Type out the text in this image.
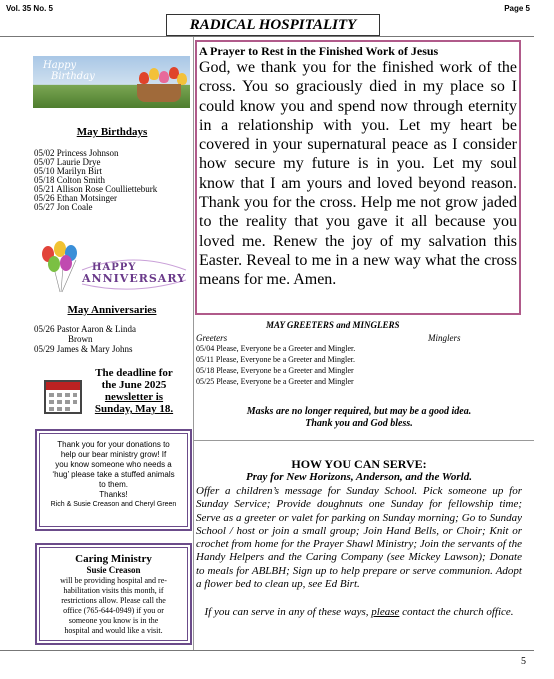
Vol. 35 No. 5
RADICAL HOSPITALITY
Page 5
Happy
Birthday
May Birthdays
05/02 Princess Johnson
05/07 Laurie Drye
05/10 Marilyn Birt
05/18 Colton Smith
05/21 Allison Rose Coullietteburk
05/26 Ethan Motsinger
05/27 Jon Coale
HAPPY
ANNIVERSARY
May Anniversaries
05/26 Pastor Aaron & Linda
Brown
05/29 James & Mary Johns
The deadline for
the June 2025
newsletter is
Sunday, May 18.
Thank you for your donations to
help our bear ministry grow! If
you know someone who needs a
‘hug’ please take a stuffed animals
to them.
Thanks!
Rich & Susie Creason and Cheryl Green
Caring Ministry
Susie Creason
will be providing hospital and re-
habilitation visits this month, if
restrictions allow. Please call the
office (765-644-0949) if you or
someone you know is in the
hospital and would like a visit.
A Prayer to Rest in the Finished Work of Jesus

God, we thank you for the finished work of the cross. You so graciously died in my place so I could know you and spend now through eternity in a relationship with you. Let my heart be covered in your supernatural peace as I consider how secure my future is in you. Let my soul know that I am yours and loved beyond reason. Thank you for the cross. Help me not grow jaded to the reality that you gave it all because you loved me. Renew the joy of my salvation this Easter. Reveal to me in a new way what the cross means for me. Amen.

MAY GREETERS and MINGLERS
Greeters	Minglers
05/04 Please, Everyone be a Greeter and Mingler.
05/11 Please, Everyone be a Greeter and Mingler.
05/18 Please, Everyone be a Greeter and Mingler
05/25 Please, Everyone be a Greeter and Mingler
Masks are no longer required, but may be a good idea.
Thank you and God bless.
HOW YOU CAN SERVE:
Pray for New Horizons, Anderson, and the World.
Offer a children’s message for Sunday School. Pick someone up for Sunday Service; Provide doughnuts one Sunday for fellowship time; Serve as a greeter or valet for parking on Sunday morning; Go to Sunday School / host or join a small group; Join Hand Bells, or Choir; Knit or crochet from home for the Prayer Shawl Ministry; Join the servants of the Handy Helpers and the Caring Company (see Mickey Lawson); Donate to meals for ABLBH; Sign up to help prepare or serve communion. Adopt a flower bed to clean up, see Ed Birt.
If you can serve in any of these ways, please contact the church office.
5
